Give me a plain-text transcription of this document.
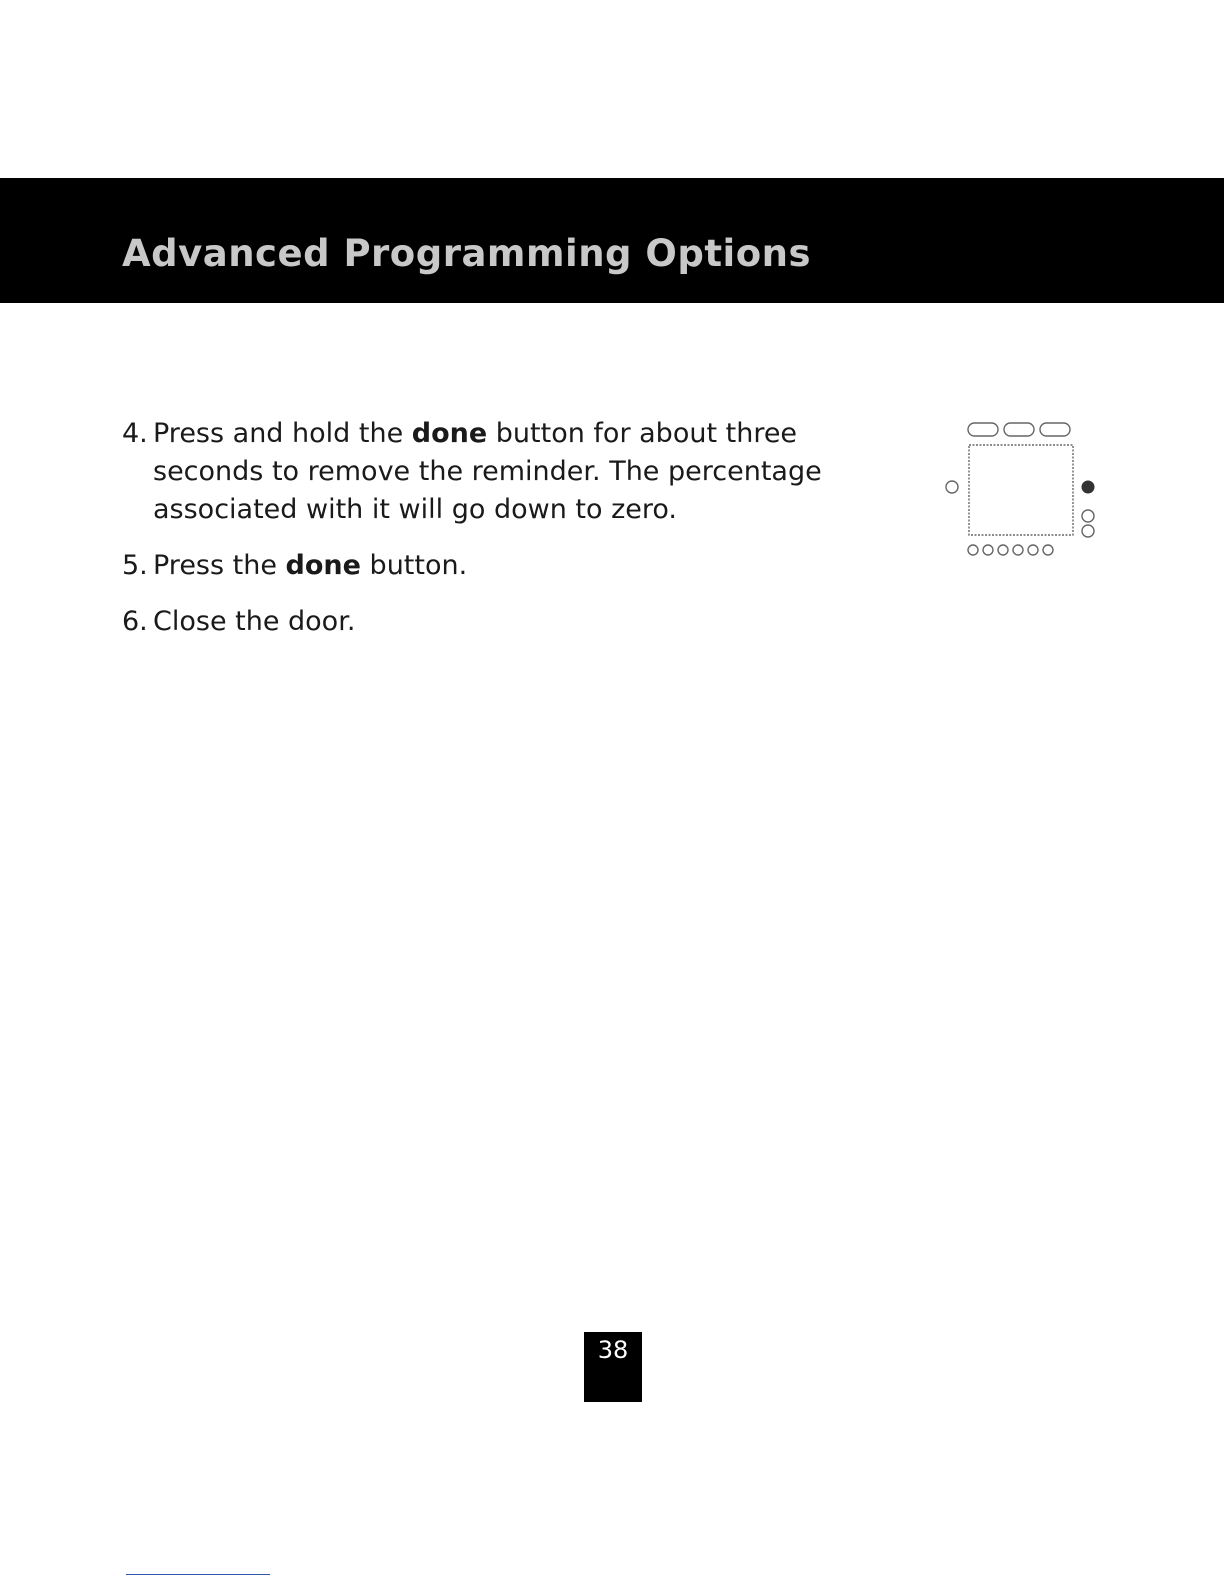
Advanced Programming Options

4. Press and hold the done button for about three seconds to remove the reminder. The percentage associated with it will go down to zero.

5. Press the done button.

6. Close the door.

38
